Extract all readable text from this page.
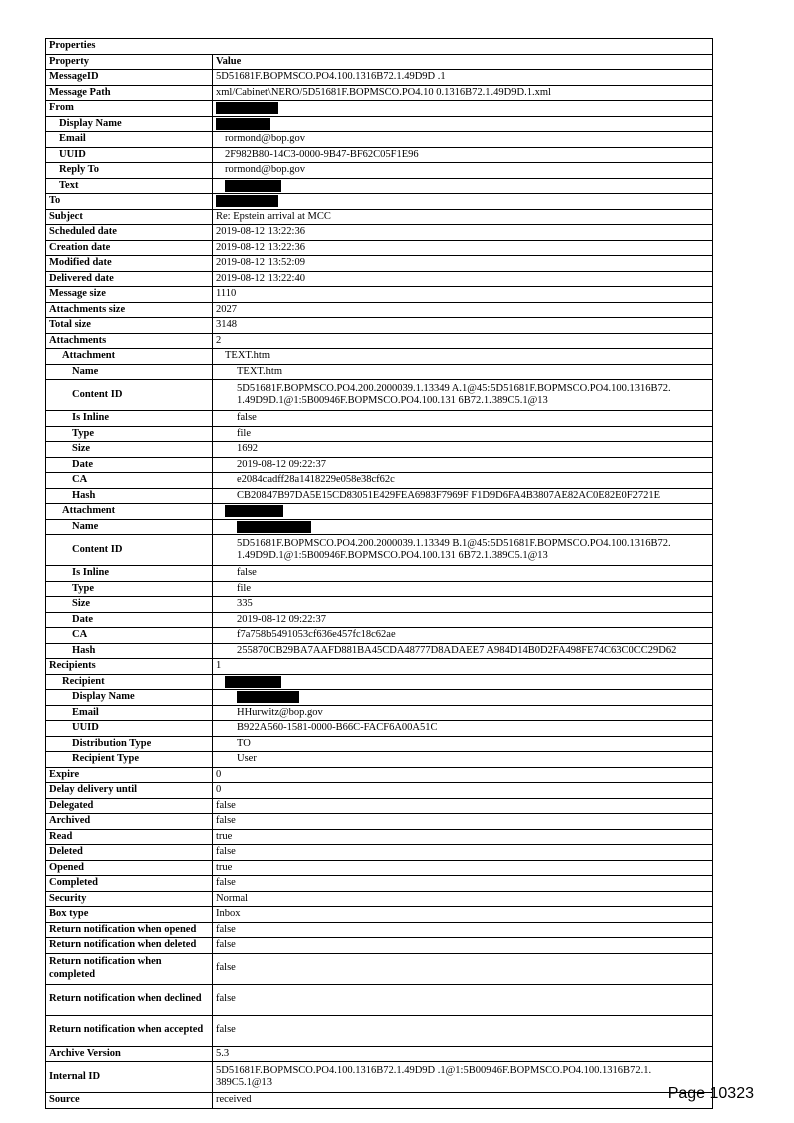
Properties	
Property	Value
MessageID	5D51681F.BOPMSCO.PO4.100.1316B72.1.49D9D .1
Message Path	xml/Cabinet\NERO/5D51681F.BOPMSCO.PO4.10 0.1316B72.1.49D9D.1.xml
From	
Display Name	
Email	rormond@bop.gov
UUID	2F982B80-14C3-0000-9B47-BF62C05F1E96
Reply To	rormond@bop.gov
Text	
To	
Subject	Re: Epstein arrival at MCC
Scheduled date	2019-08-12 13:22:36
Creation date	2019-08-12 13:22:36
Modified date	2019-08-12 13:52:09
Delivered date	2019-08-12 13:22:40
Message size	1110
Attachments size	2027
Total size	3148
Attachments	2
Attachment	TEXT.htm
Name	TEXT.htm
Content ID	5D51681F.BOPMSCO.PO4.200.2000039.1.13349 A.1@45:5D51681F.BOPMSCO.PO4.100.1316B72.
1.49D9D.1@1:5B00946F.BOPMSCO.PO4.100.131 6B72.1.389C5.1@13
Is Inline	false
Type	file
Size	1692
Date	2019-08-12 09:22:37
CA	e2084cadff28a1418229e058e38cf62c
Hash	CB20847B97DA5E15CD83051E429FEA6983F7969F F1D9D6FA4B3807AE82AC0E82E0F2721E
Attachment	
Name	
Content ID	5D51681F.BOPMSCO.PO4.200.2000039.1.13349 B.1@45:5D51681F.BOPMSCO.PO4.100.1316B72.
1.49D9D.1@1:5B00946F.BOPMSCO.PO4.100.131 6B72.1.389C5.1@13
Is Inline	false
Type	file
Size	335
Date	2019-08-12 09:22:37
CA	f7a758b5491053cf636e457fc18c62ae
Hash	255870CB29BA7AAFD881BA45CDA48777D8ADAEE7 A984D14B0D2FA498FE74C63C0CC29D62
Recipients	1
Recipient	
Display Name	
Email	HHurwitz@bop.gov
UUID	B922A560-1581-0000-B66C-FACF6A00A51C
Distribution Type	TO
Recipient Type	User
Expire	0
Delay delivery until	0
Delegated	false
Archived	false
Read	true
Deleted	false
Opened	true
Completed	false
Security	Normal
Box type	Inbox
Return notification when opened	false
Return notification when deleted	false
Return notification when completed	false
Return notification when declined	false
Return notification when accepted	false
Archive Version	5.3
Internal ID	5D51681F.BOPMSCO.PO4.100.1316B72.1.49D9D .1@1:5B00946F.BOPMSCO.PO4.100.1316B72.1.
389C5.1@13
Source	received	Page 10323
